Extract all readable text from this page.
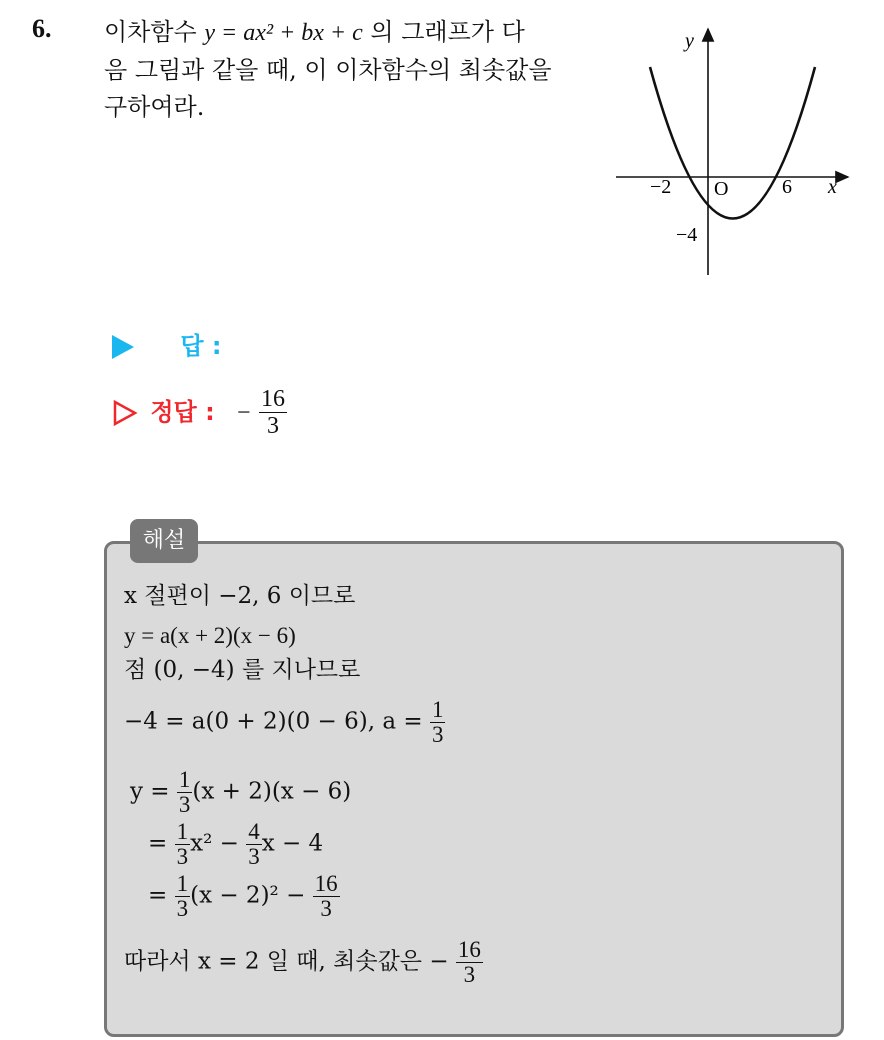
6. 이차함수 y = ax² + bx + c 의 그래프가 다
음 그림과 같을 때, 이 이차함수의 최솟값을
구하여라.
y
x
O
−2	6
−4
답 :
정답 : − $\frac{16}{3}$
해설
x 절편이 −2, 6 이므로
y = a(x + 2)(x − 6)
점 (0, −4) 를 지나므로
−4 = a(0 + 2)(0 − 6), $a = \frac{1}{3}$
$y = \frac{1}{3} (x + 2)(x - 6)$
= $\frac{1}{3} x^2 - \frac{4}{3}$ x − 4
= $\frac{1}{3} (x - 2)^2 - \frac{16}{3}$
따라서 x = 2 일 때, 최솟값은 − $\frac{16}{3}$
